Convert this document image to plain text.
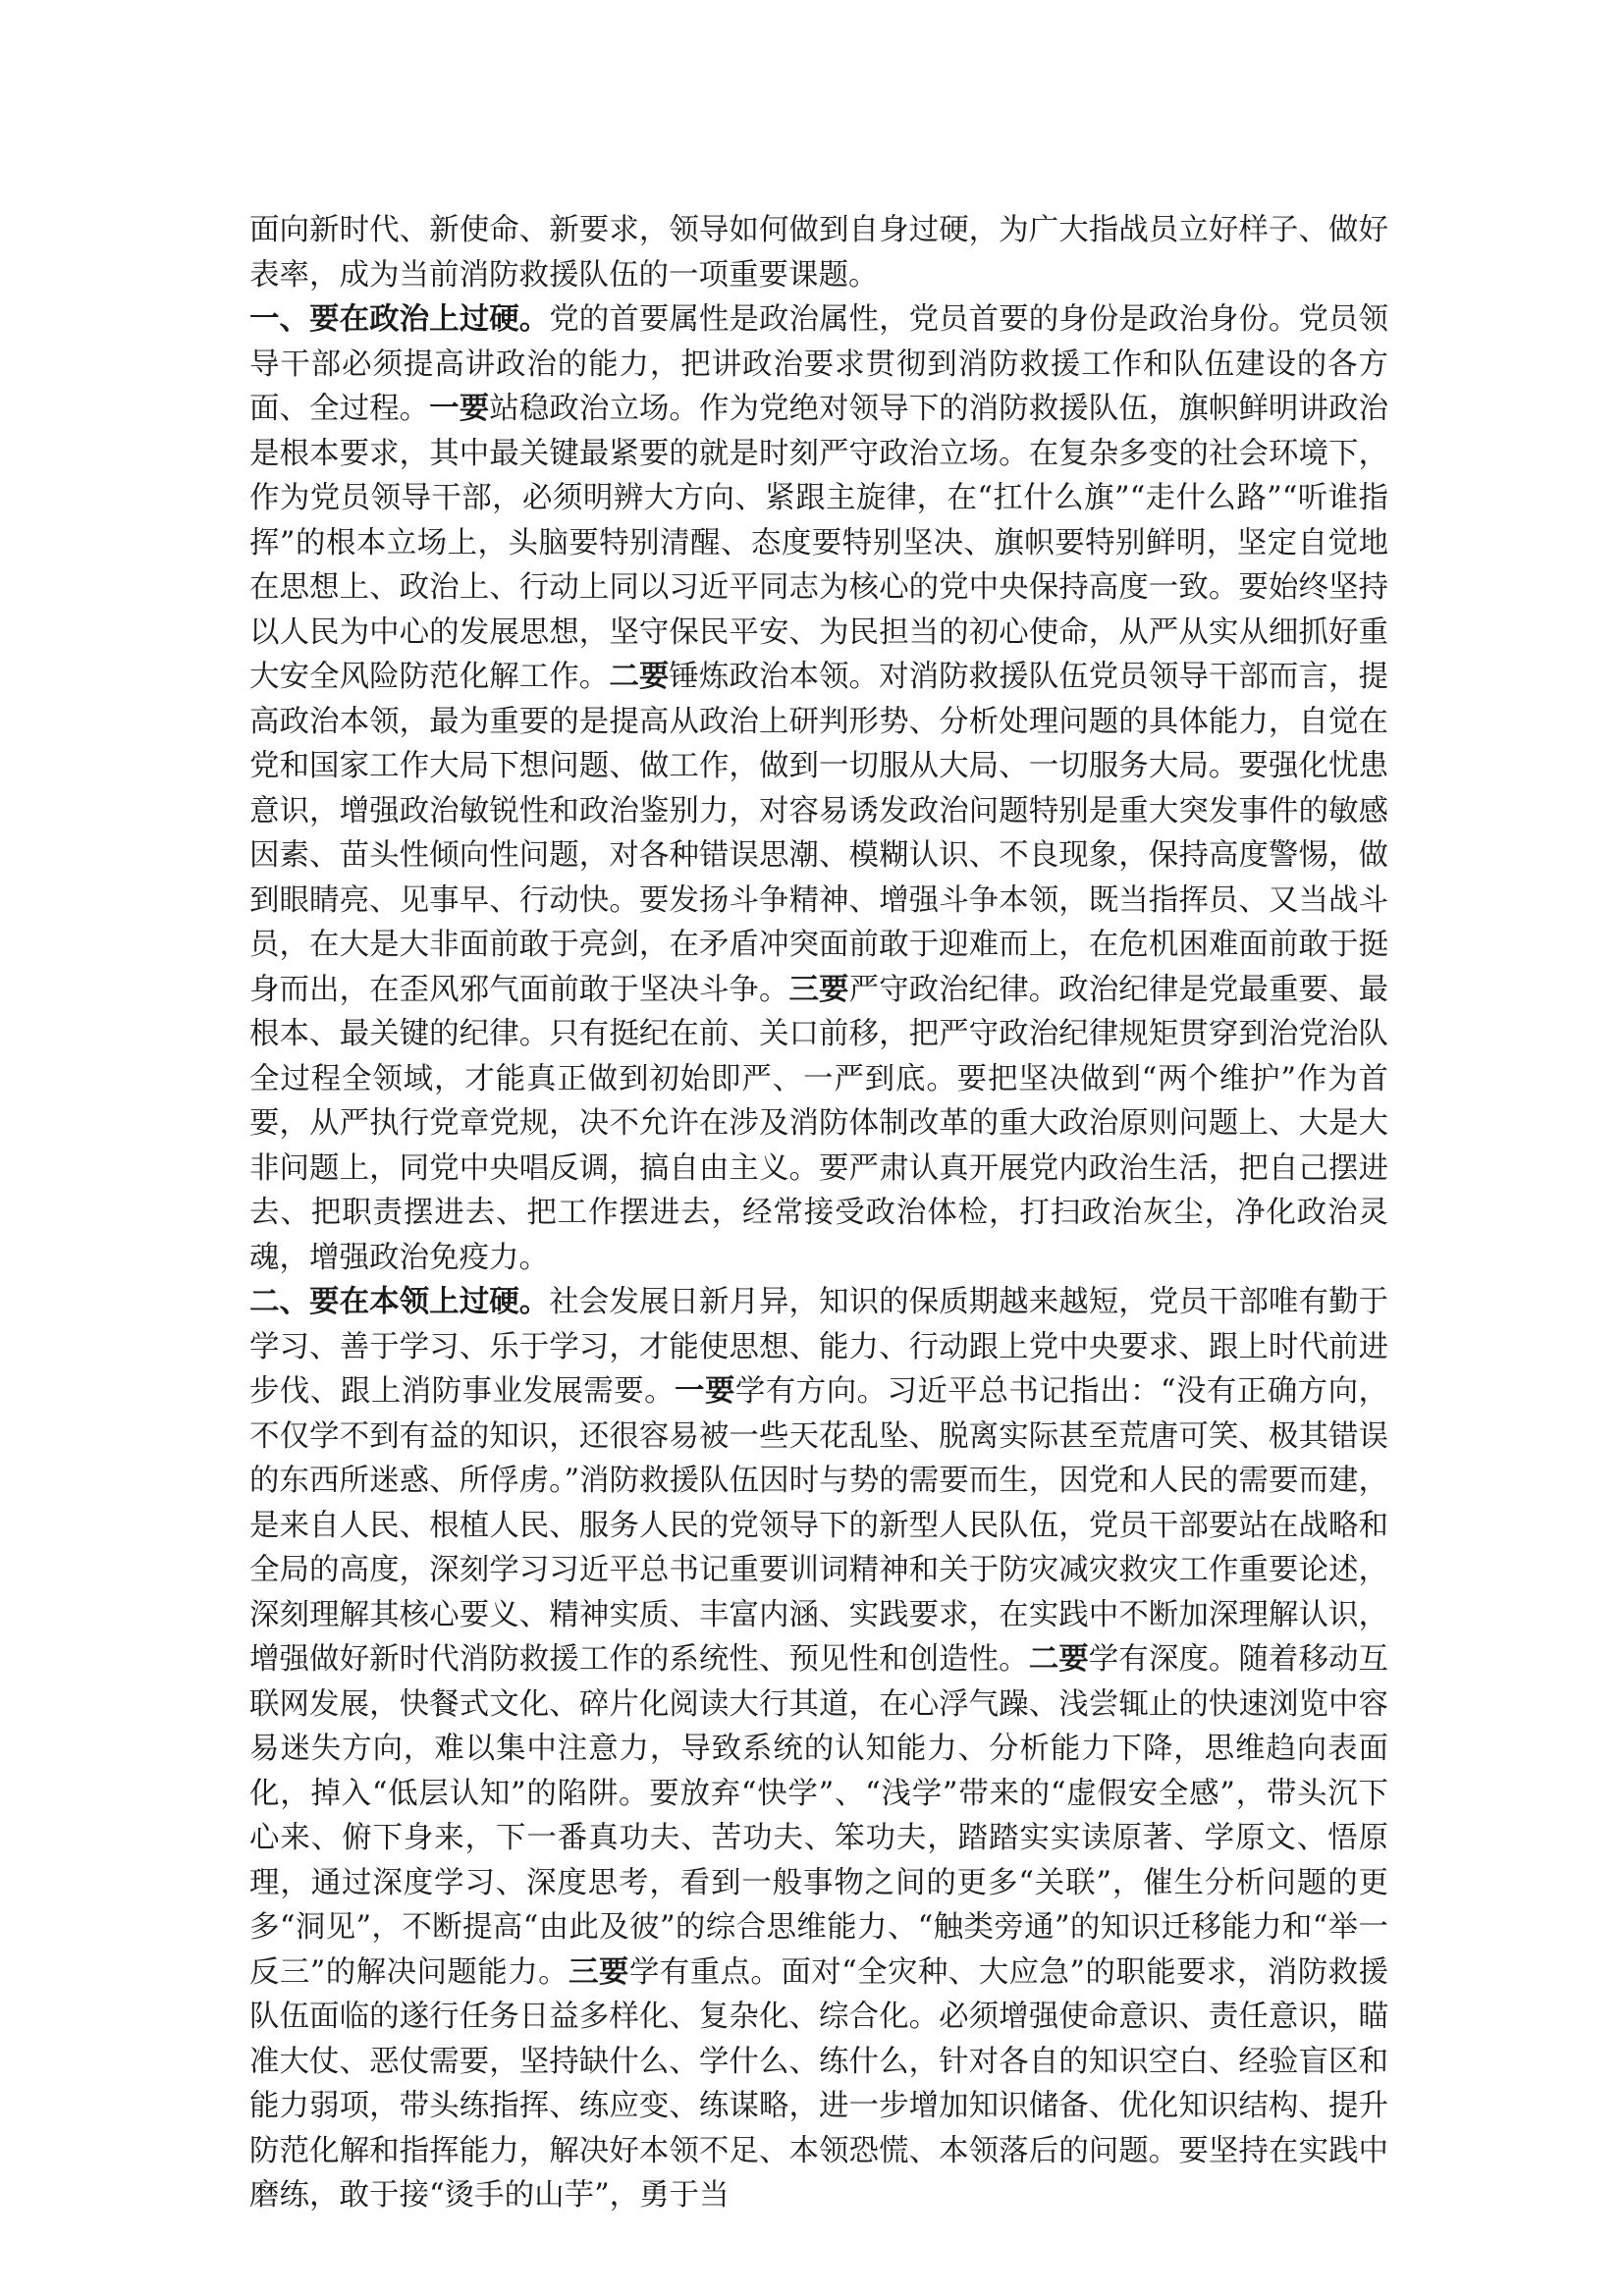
面向新时代、新使命、新要求，领导如何做到自身过硬，为广大指战员立好样子、做好表率，成为当前消防救援队伍的一项重要课题。

一、要在政治上过硬。党的首要属性是政治属性，党员首要的身份是政治身份。党员领导干部必须提高讲政治的能力，把讲政治要求贯彻到消防救援工作和队伍建设的各方面、全过程。一要站稳政治立场。作为党绝对领导下的消防救援队伍，旗帜鲜明讲政治是根本要求，其中最关键最紧要的就是时刻严守政治立场。在复杂多变的社会环境下，作为党员领导干部，必须明辨大方向、紧跟主旋律，在“扛什么旗”“走什么路”“听谁指挥”的根本立场上，头脑要特别清醒、态度要特别坚决、旗帜要特别鲜明，坚定自觉地在思想上、政治上、行动上同以习近平同志为核心的党中央保持高度一致。要始终坚持以人民为中心的发展思想，坚守保民平安、为民担当的初心使命，从严从实从细抓好重大安全风险防范化解工作。二要锤炼政治本领。对消防救援队伍党员领导干部而言，提高政治本领，最为重要的是提高从政治上研判形势、分析处理问题的具体能力，自觉在党和国家工作大局下想问题、做工作，做到一切服从大局、一切服务大局。要强化忧患意识，增强政治敏锐性和政治鉴别力，对容易诱发政治问题特别是重大突发事件的敏感因素、苗头性倾向性问题，对各种错误思潮、模糊认识、不良现象，保持高度警惕，做到眼睛亮、见事早、行动快。要发扬斗争精神、增强斗争本领，既当指挥员、又当战斗员，在大是大非面前敢于亮剑，在矛盾冲突面前敢于迎难而上，在危机困难面前敢于挺身而出，在歪风邪气面前敢于坚决斗争。三要严守政治纪律。政治纪律是党最重要、最根本、最关键的纪律。只有挺纪在前、关口前移，把严守政治纪律规矩贯穿到治党治队全过程全领域，才能真正做到初始即严、一严到底。要把坚决做到“两个维护”作为首要，从严执行党章党规，决不允许在涉及消防体制改革的重大政治原则问题上、大是大非问题上，同党中央唱反调，搞自由主义。要严肃认真开展党内政治生活，把自己摆进去、把职责摆进去、把工作摆进去，经常接受政治体检，打扫政治灰尘，净化政治灵魂，增强政治免疫力。

二、要在本领上过硬。社会发展日新月异，知识的保质期越来越短，党员干部唯有勤于学习、善于学习、乐于学习，才能使思想、能力、行动跟上党中央要求、跟上时代前进步伐、跟上消防事业发展需要。一要学有方向。习近平总书记指出：“没有正确方向，不仅学不到有益的知识，还很容易被一些天花乱坠、脱离实际甚至荒唐可笑、极其错误的东西所迷惑、所俘虏。”消防救援队伍因时与势的需要而生，因党和人民的需要而建，是来自人民、根植人民、服务人民的党领导下的新型人民队伍，党员干部要站在战略和全局的高度，深刻学习习近平总书记重要训词精神和关于防灾减灾救灾工作重要论述，深刻理解其核心要义、精神实质、丰富内涵、实践要求，在实践中不断加深理解认识，增强做好新时代消防救援工作的系统性、预见性和创造性。二要学有深度。随着移动互联网发展，快餐式文化、碎片化阅读大行其道，在心浮气躁、浅尝辄止的快速浏览中容易迷失方向，难以集中注意力，导致系统的认知能力、分析能力下降，思维趋向表面化，掉入“低层认知”的陷阱。要放弃“快学”、“浅学”带来的“虚假安全感”，带头沉下心来、俯下身来，下一番真功夫、苦功夫、笨功夫，踏踏实实读原著、学原文、悟原理，通过深度学习、深度思考，看到一般事物之间的更多“关联”，催生分析问题的更多“洞见”，不断提高“由此及彼”的综合思维能力、“触类旁通”的知识迁移能力和“举一反三”的解决问题能力。三要学有重点。面对“全灾种、大应急”的职能要求，消防救援队伍面临的遂行任务日益多样化、复杂化、综合化。必须增强使命意识、责任意识，瞄准大仗、恶仗需要，坚持缺什么、学什么、练什么，针对各自的知识空白、经验盲区和能力弱项，带头练指挥、练应变、练谋略，进一步增加知识储备、优化知识结构、提升防范化解和指挥能力，解决好本领不足、本领恐慌、本领落后的问题。要坚持在实践中磨练，敢于接“烫手的山芋”，勇于当
